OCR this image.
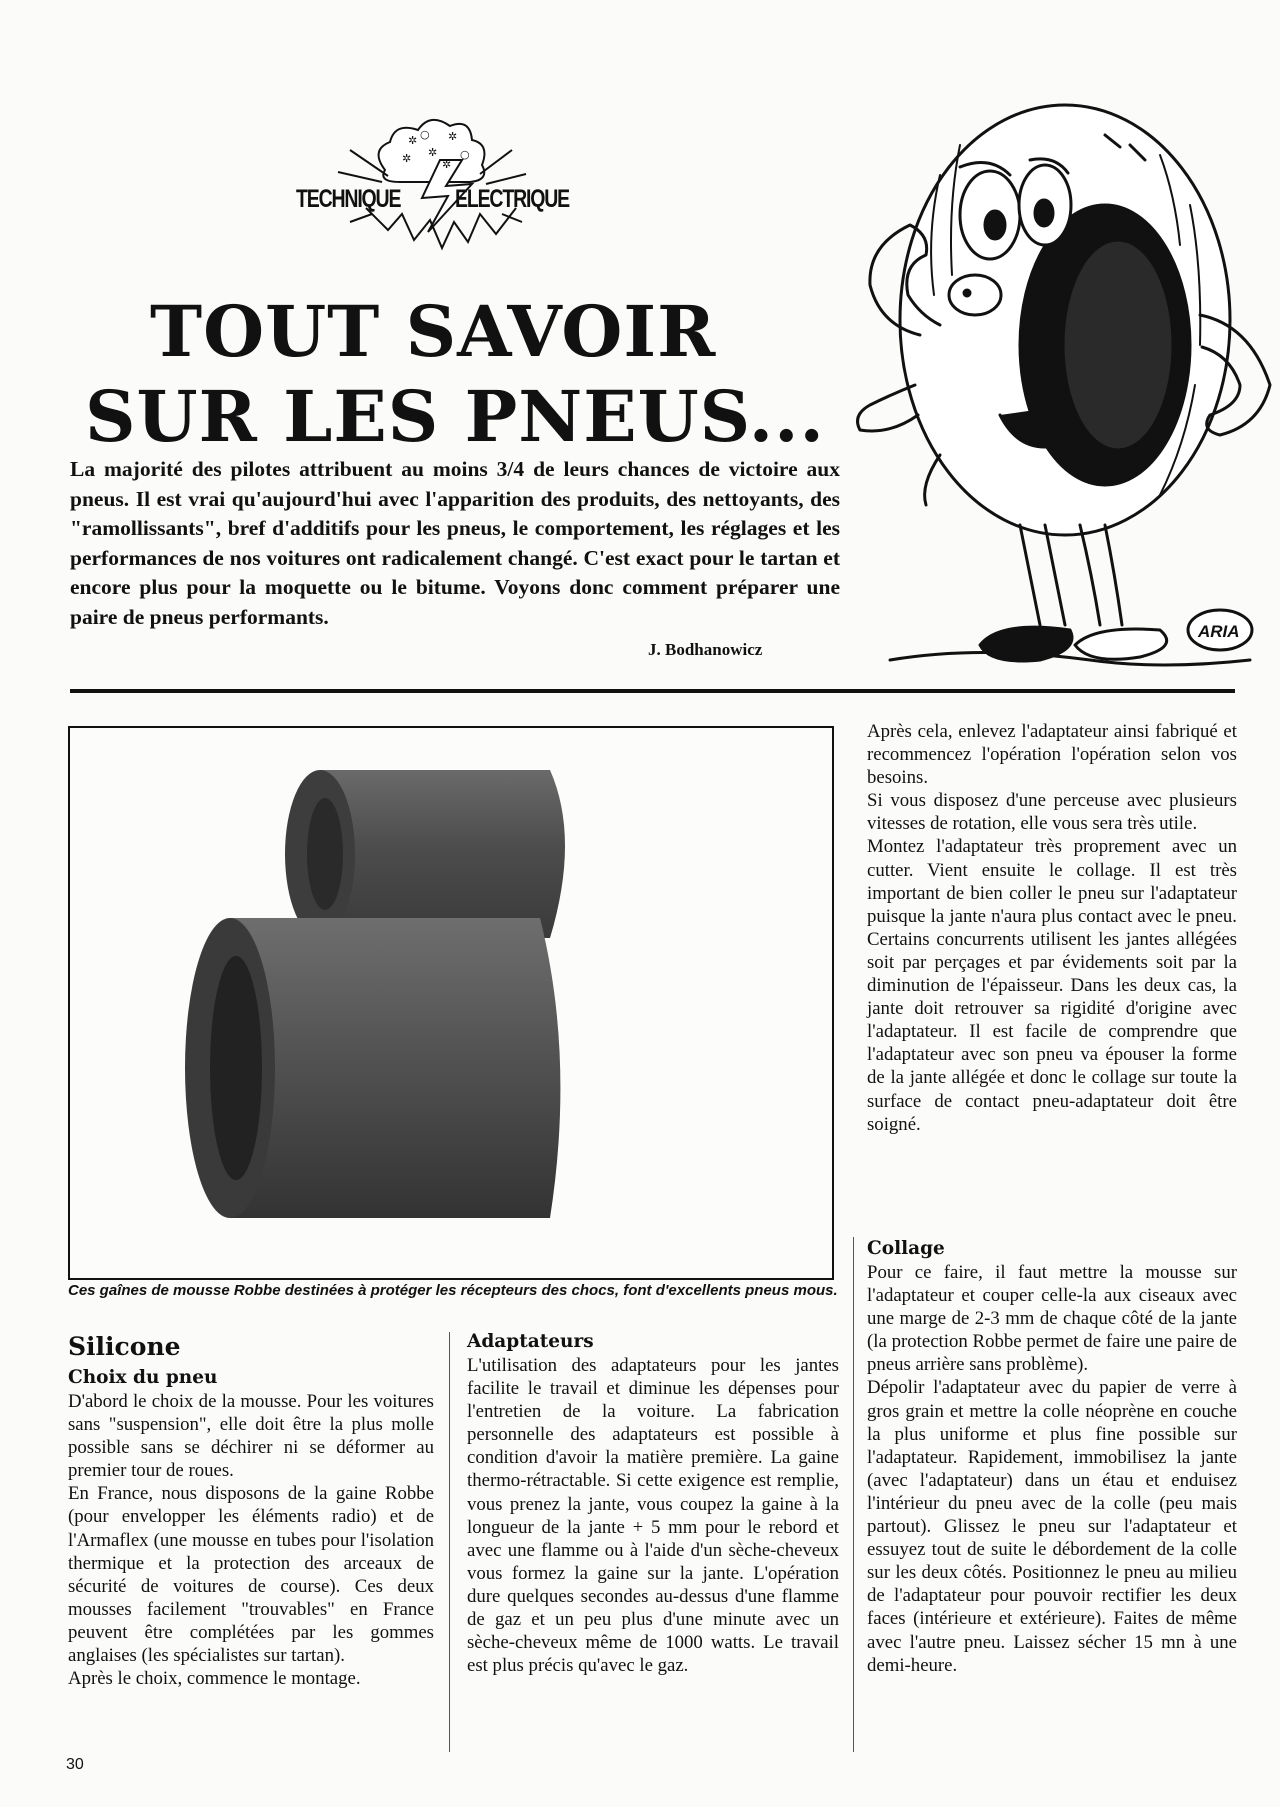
✲
✲
✲
✲	✲
○
○
TECHNIQUE ELECTRIQUE
TOUT SAVOIR
SUR LES PNEUS...
ARIA

La majorité des pilotes attribuent au moins 3/4 de leurs chances de victoire aux pneus. Il est vrai qu'aujourd'hui avec l'apparition des produits, des nettoyants, des "ramollissants", bref d'additifs pour les pneus, le comportement, les réglages et les performances de nos voitures ont radicalement changé. C'est exact pour le tartan et encore plus pour la moquette ou le bitume. Voyons donc comment préparer une paire de pneus performants.

J. Bodhanowicz
Ces gaînes de mousse Robbe destinées à protéger les récepteurs des chocs, font d'excellents pneus mous.
Silicone
Choix du pneu

D'abord le choix de la mousse. Pour les voitures sans "suspension", elle doit être la plus molle possible sans se déchirer ni se déformer au premier tour de roues.

En France, nous disposons de la gaine Robbe (pour envelopper les éléments radio) et de l'Armaflex (une mousse en tubes pour l'isolation thermique et la protection des arceaux de sécurité de voitures de course). Ces deux mousses facilement "trouvables" en France peuvent être complétées par les gommes anglaises (les spécialistes sur tartan).

Après le choix, commence le montage.

Adaptateurs

L'utilisation des adaptateurs pour les jantes facilite le travail et diminue les dépenses pour l'entretien de la voiture. La fabrication personnelle des adaptateurs est possible à condition d'avoir la matière première. La gaine thermo-rétractable. Si cette exigence est remplie, vous prenez la jante, vous coupez la gaine à la longueur de la jante + 5 mm pour le rebord et avec une flamme ou à l'aide d'un sèche-cheveux vous formez la gaine sur la jante. L'opération dure quelques secondes au-dessus d'une flamme de gaz et un peu plus d'une minute avec un sèche-cheveux même de 1000 watts. Le travail est plus précis qu'avec le gaz.

Après cela, enlevez l'adaptateur ainsi fabriqué et recommencez l'opération l'opération selon vos besoins.

Si vous disposez d'une perceuse avec plusieurs vitesses de rotation, elle vous sera très utile.

Montez l'adaptateur très proprement avec un cutter. Vient ensuite le collage. Il est très important de bien coller le pneu sur l'adaptateur puisque la jante n'aura plus contact avec le pneu. Certains concurrents utilisent les jantes allégées soit par perçages et par évidements soit par la diminution de l'épaisseur. Dans les deux cas, la jante doit retrouver sa rigidité d'origine avec l'adaptateur. Il est facile de comprendre que l'adaptateur avec son pneu va épouser la forme de la jante allégée et donc le collage sur toute la surface de contact pneu-adaptateur doit être soigné.

Collage

Pour ce faire, il faut mettre la mousse sur l'adaptateur et couper celle-la aux ciseaux avec une marge de 2-3 mm de chaque côté de la jante (la protection Robbe permet de faire une paire de pneus arrière sans problème).

Dépolir l'adaptateur avec du papier de verre à gros grain et mettre la colle néoprène en couche la plus uniforme et plus fine possible sur l'adaptateur. Rapidement, immobilisez la jante (avec l'adaptateur) dans un étau et enduisez l'intérieur du pneu avec de la colle (peu mais partout). Glissez le pneu sur l'adaptateur et essuyez tout de suite le débordement de la colle sur les deux côtés. Positionnez le pneu au milieu de l'adaptateur pour pouvoir rectifier les deux faces (intérieure et extérieure). Faites de même avec l'autre pneu. Laissez sécher 15 mn à une demi-heure.

30
